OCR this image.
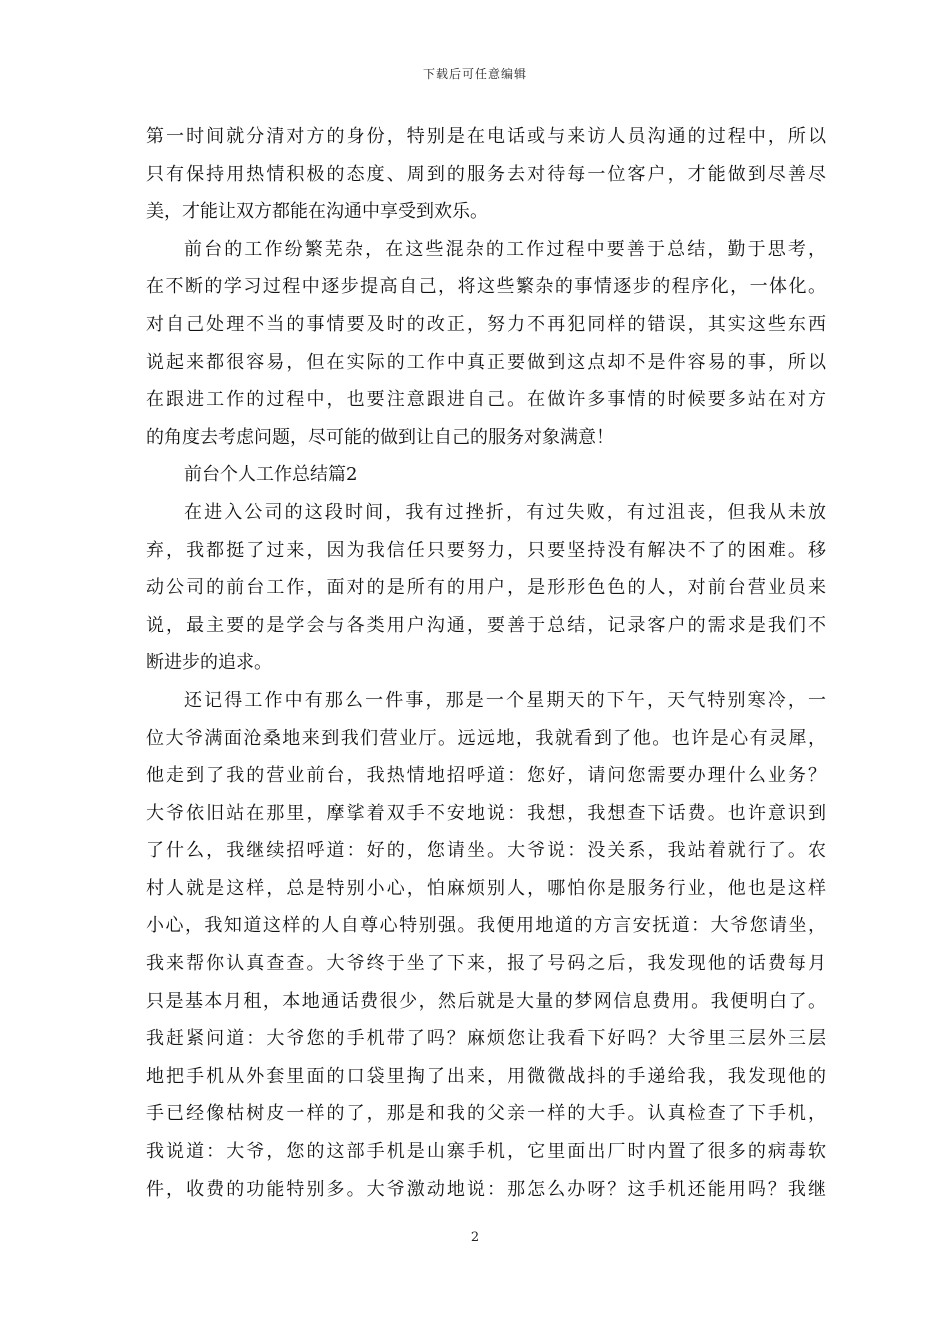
下载后可任意编辑
第一时间就分清对方的身份，特别是在电话或与来访人员沟通的过程中，所以
只有保持用热情积极的态度、周到的服务去对待每一位客户，才能做到尽善尽
美，才能让双方都能在沟通中享受到欢乐。
前台的工作纷繁芜杂，在这些混杂的工作过程中要善于总结，勤于思考，
在不断的学习过程中逐步提高自己，将这些繁杂的事情逐步的程序化，一体化。
对自己处理不当的事情要及时的改正，努力不再犯同样的错误，其实这些东西
说起来都很容易，但在实际的工作中真正要做到这点却不是件容易的事，所以
在跟进工作的过程中，也要注意跟进自己。在做许多事情的时候要多站在对方
的角度去考虑问题，尽可能的做到让自己的服务对象满意！
前台个人工作总结篇2
在进入公司的这段时间，我有过挫折，有过失败，有过沮丧，但我从未放
弃，我都挺了过来，因为我信任只要努力，只要坚持没有解决不了的困难。移
动公司的前台工作，面对的是所有的用户，是形形色色的人，对前台营业员来
说，最主要的是学会与各类用户沟通，要善于总结，记录客户的需求是我们不
断进步的追求。
还记得工作中有那么一件事，那是一个星期天的下午，天气特别寒冷，一
位大爷满面沧桑地来到我们营业厅。远远地，我就看到了他。也许是心有灵犀，
他走到了我的营业前台，我热情地招呼道：您好，请问您需要办理什么业务？
大爷依旧站在那里，摩挲着双手不安地说：我想，我想查下话费。也许意识到
了什么，我继续招呼道：好的，您请坐。大爷说：没关系，我站着就行了。农
村人就是这样，总是特别小心，怕麻烦别人，哪怕你是服务行业，他也是这样
小心，我知道这样的人自尊心特别强。我便用地道的方言安抚道：大爷您请坐，
我来帮你认真查查。大爷终于坐了下来，报了号码之后，我发现他的话费每月
只是基本月租，本地通话费很少，然后就是大量的梦网信息费用。我便明白了。
我赶紧问道：大爷您的手机带了吗？麻烦您让我看下好吗？大爷里三层外三层
地把手机从外套里面的口袋里掏了出来，用微微战抖的手递给我，我发现他的
手已经像枯树皮一样的了，那是和我的父亲一样的大手。认真检查了下手机，
我说道：大爷，您的这部手机是山寨手机，它里面出厂时内置了很多的病毒软
件，收费的功能特别多。大爷激动地说：那怎么办呀？这手机还能用吗？我继
2
